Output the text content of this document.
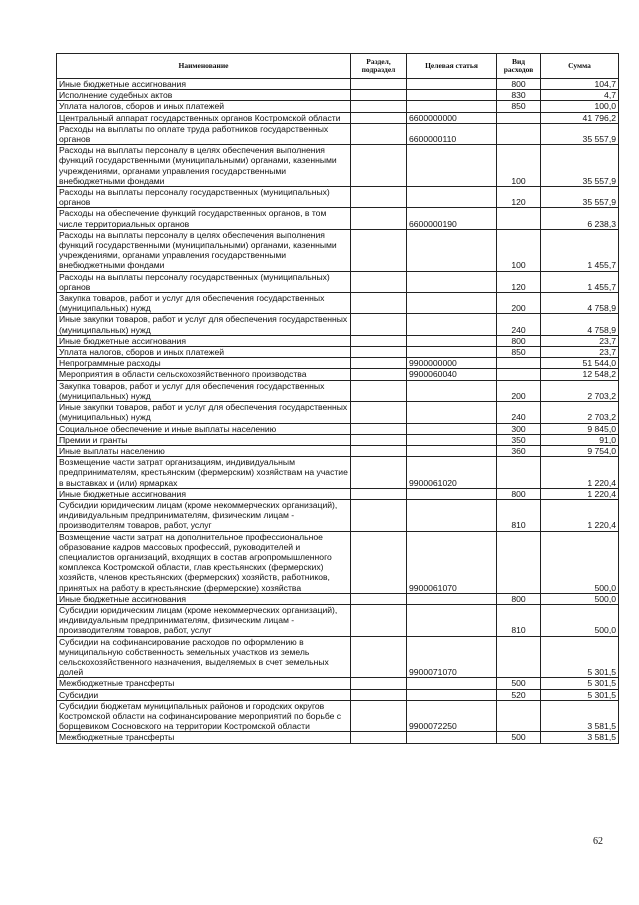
Наименование	Раздел, подраздел	Целевая статья	Вид расходов	Сумма
Иные бюджетные ассигнования			800	104,7
Исполнение судебных актов			830	4,7
Уплата налогов, сборов и иных платежей			850	100,0
Центральный аппарат государственных органов Костромской области		6600000000		41 796,2
Расходы на выплаты по оплате труда работников государственных органов		6600000110		35 557,9
Расходы на выплаты персоналу в целях обеспечения выполнения функций государственными (муниципальными) органами, казенными учреждениями, органами управления государственными внебюджетными фондами			100	35 557,9
Расходы на выплаты персоналу государственных (муниципальных) органов			120	35 557,9
Расходы на обеспечение функций государственных органов, в том числе территориальных органов		6600000190		6 238,3
Расходы на выплаты персоналу в целях обеспечения выполнения функций государственными (муниципальными) органами, казенными учреждениями, органами управления государственными внебюджетными фондами			100	1 455,7
Расходы на выплаты персоналу государственных (муниципальных) органов			120	1 455,7
Закупка товаров, работ и услуг для обеспечения государственных (муниципальных) нужд			200	4 758,9
Иные закупки товаров, работ и услуг для обеспечения государственных (муниципальных) нужд			240	4 758,9
Иные бюджетные ассигнования			800	23,7
Уплата налогов, сборов и иных платежей			850	23,7
Непрограммные расходы		9900000000		51 544,0
Мероприятия в области сельскохозяйственного производства		9900060040		12 548,2
Закупка товаров, работ и услуг для обеспечения государственных (муниципальных) нужд			200	2 703,2
Иные закупки товаров, работ и услуг для обеспечения государственных (муниципальных) нужд			240	2 703,2
Социальное обеспечение и иные выплаты населению			300	9 845,0
Премии и гранты			350	91,0
Иные выплаты населению			360	9 754,0
Возмещение части затрат организациям, индивидуальным предпринимателям, крестьянским (фермерским) хозяйствам на участие в выставках и (или) ярмарках		9900061020		1 220,4
Иные бюджетные ассигнования			800	1 220,4
Субсидии юридическим лицам (кроме некоммерческих организаций), индивидуальным предпринимателям, физическим лицам - производителям товаров, работ, услуг			810	1 220,4
Возмещение части затрат на дополнительное профессиональное образование кадров массовых профессий, руководителей и специалистов организаций, входящих в состав агропромышленного комплекса Костромской области, глав крестьянских (фермерских) хозяйств, членов крестьянских (фермерских) хозяйств, работников, принятых на работу в крестьянские (фермерские) хозяйства		9900061070		500,0
Иные бюджетные ассигнования			800	500,0
Субсидии юридическим лицам (кроме некоммерческих организаций), индивидуальным предпринимателям, физическим лицам - производителям товаров, работ, услуг			810	500,0
Субсидии на софинансирование расходов по оформлению в муниципальную собственность земельных участков из земель сельскохозяйственного назначения, выделяемых в счет земельных долей		9900071070		5 301,5
Межбюджетные трансферты			500	5 301,5
Субсидии			520	5 301,5
Субсидии бюджетам муниципальных районов и городских округов Костромской области на софинансирование мероприятий по борьбе с борщевиком Сосновского на территории Костромской области		9900072250		3 581,5
Межбюджетные трансферты			500	3 581,5
62
